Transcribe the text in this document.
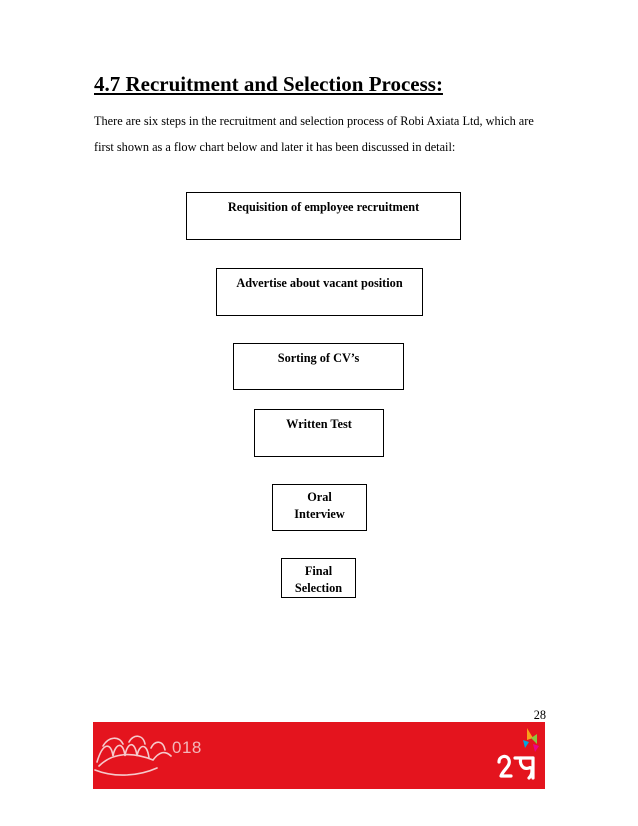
4.7 Recruitment and Selection Process:

There are six steps in the recruitment and selection process of Robi Axiata Ltd, which are first shown as a flow chart below and later it has been discussed in detail:

Requisition of employee recruitment
Advertise about vacant position
Sorting of CV’s
Written Test
Oral
Interview
Final
Selection
28
018
